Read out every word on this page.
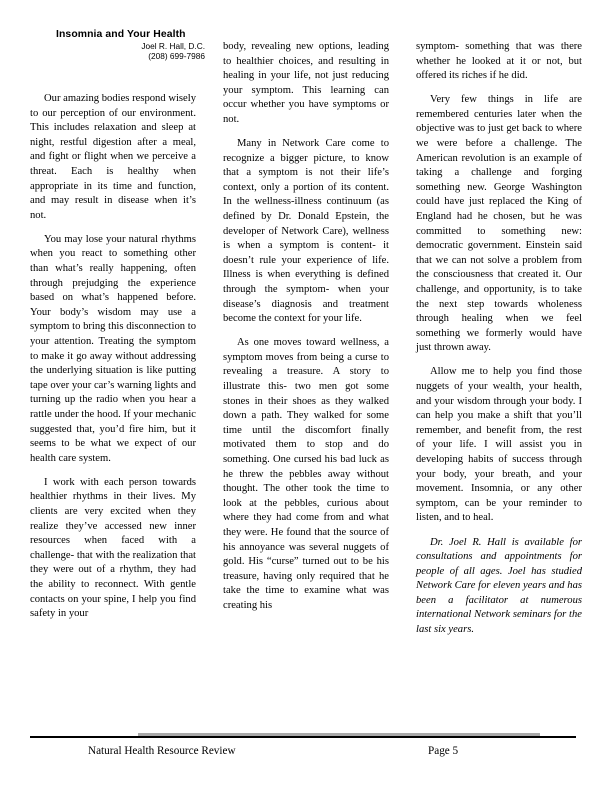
Insomnia and Your Health

Joel R. Hall, D.C.
(208) 699-7986

Our amazing bodies respond wisely to our perception of our environment. This includes relaxation and sleep at night, restful digestion after a meal, and fight or flight when we perceive a threat. Each is healthy when appropriate in its time and function, and may result in disease when it’s not.

You may lose your natural rhythms when you react to something other than what’s really happening, often through prejudging the experience based on what’s happened before. Your body’s wisdom may use a symptom to bring this disconnection to your attention. Treating the symptom to make it go away without addressing the underlying situation is like putting tape over your car’s warning lights and turning up the radio when you hear a rattle under the hood. If your mechanic suggested that, you’d fire him, but it seems to be what we expect of our health care system.

I work with each person towards healthier rhythms in their lives. My clients are very excited when they realize they’ve accessed new inner resources when faced with a challenge- that with the realization that they were out of a rhythm, they had the ability to reconnect. With gentle contacts on your spine, I help you find safety in your

body, revealing new options, leading to healthier choices, and resulting in healing in your life, not just reducing your symptom. This learning can occur whether you have symptoms or not.

Many in Network Care come to recognize a bigger picture, to know that a symptom is not their life’s context, only a portion of its content. In the wellness-illness continuum (as defined by Dr. Donald Epstein, the developer of Network Care), wellness is when a symptom is content- it doesn’t rule your experience of life. Illness is when everything is defined through the symptom- when your disease’s diagnosis and treatment become the context for your life.

As one moves toward wellness, a symptom moves from being a curse to revealing a treasure. A story to illustrate this- two men got some stones in their shoes as they walked down a path. They walked for some time until the discomfort finally motivated them to stop and do something. One cursed his bad luck as he threw the pebbles away without thought. The other took the time to look at the pebbles, curious about where they had come from and what they were. He found that the source of his annoyance was several nuggets of gold. His “curse” turned out to be his treasure, having only required that he take the time to examine what was creating his

symptom- something that was there whether he looked at it or not, but offered its riches if he did.

Very few things in life are remembered centuries later when the objective was to just get back to where we were before a challenge. The American revolution is an example of taking a challenge and forging something new. George Washington could have just replaced the King of England had he chosen, but he was committed to something new: democratic government. Einstein said that we can not solve a problem from the consciousness that created it. Our challenge, and opportunity, is to take the next step towards wholeness through healing when we feel something we formerly would have just thrown away.

Allow me to help you find those nuggets of your wealth, your health, and your wisdom through your body. I can help you make a shift that you’ll remember, and benefit from, the rest of your life. I will assist you in developing habits of success through your body, your breath, and your movement. Insomnia, or any other symptom, can be your reminder to listen, and to heal.

Dr. Joel R. Hall is available for consultations and appointments for people of all ages. Joel has studied Network Care for eleven years and has been a facilitator at numerous international Network seminars for the last six years.

Natural Health Resource Review	Page 5
